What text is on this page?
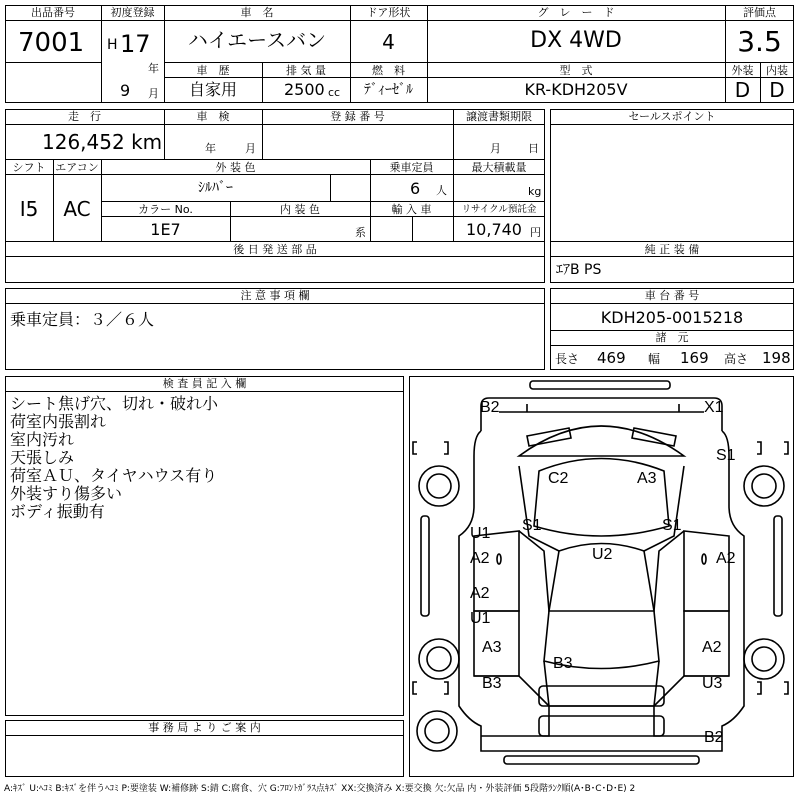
出品番号
7001
初度登録
H 17
年
9 月
車　名
ハイエースバン
ドア形状
4
グ　レ　ー　ド
DX 4WD
評価点
3.5
車　歴
自家用
排 気 量
2500 cc
燃　料
ﾃﾞｨｰｾﾞﾙ
型　式
KR-KDH205V
外装	内装
D D
走　行
126,452 km
車　検
年	月
登 録 番 号	譲渡書類期限
月 日
シフト
I5
エアコン
AC
外 装 色
ｼﾙﾊﾞｰ
乗車定員
6 人
最大積載量
kg
カラー No.
1E7
内 装 色
系
輸 入 車	リサイクル預託金
10,740 円
後 日 発 送 部 品
セールスポイント
純 正 装 備
ｴｱB PS
注 意 事 項 欄
乗車定員：３／６人
車 台 番 号
KDH205-0015218
諸　元
長さ 469 幅 169 高さ 198
検 査 員 記 入 欄
シート焦げ穴、切れ・破れ小
荷室内張割れ
室内汚れ
天張しみ
荷室ＡＵ、タイヤハウス有り
外装すり傷多い
ボディ振動有
事 務 局 よ り ご 案 内
B2	X1
S1
C2	A3
S1	S1
U1
A2	U2	A2
A2
U1
A3	A2
B3
B3	U3
B2
A:ｷｽﾞ U:ﾍｺﾐ B:ｷｽﾞを伴うﾍｺﾐ P:要塗装 W:補修跡 S:錆 C:腐食、穴 G:ﾌﾛﾝﾄｶﾞﾗｽ点ｷｽﾞ XX:交換済み X:要交換 欠:欠品 内・外装評価 5段階ﾗﾝｸ順(A･B･C･D･E) 2
